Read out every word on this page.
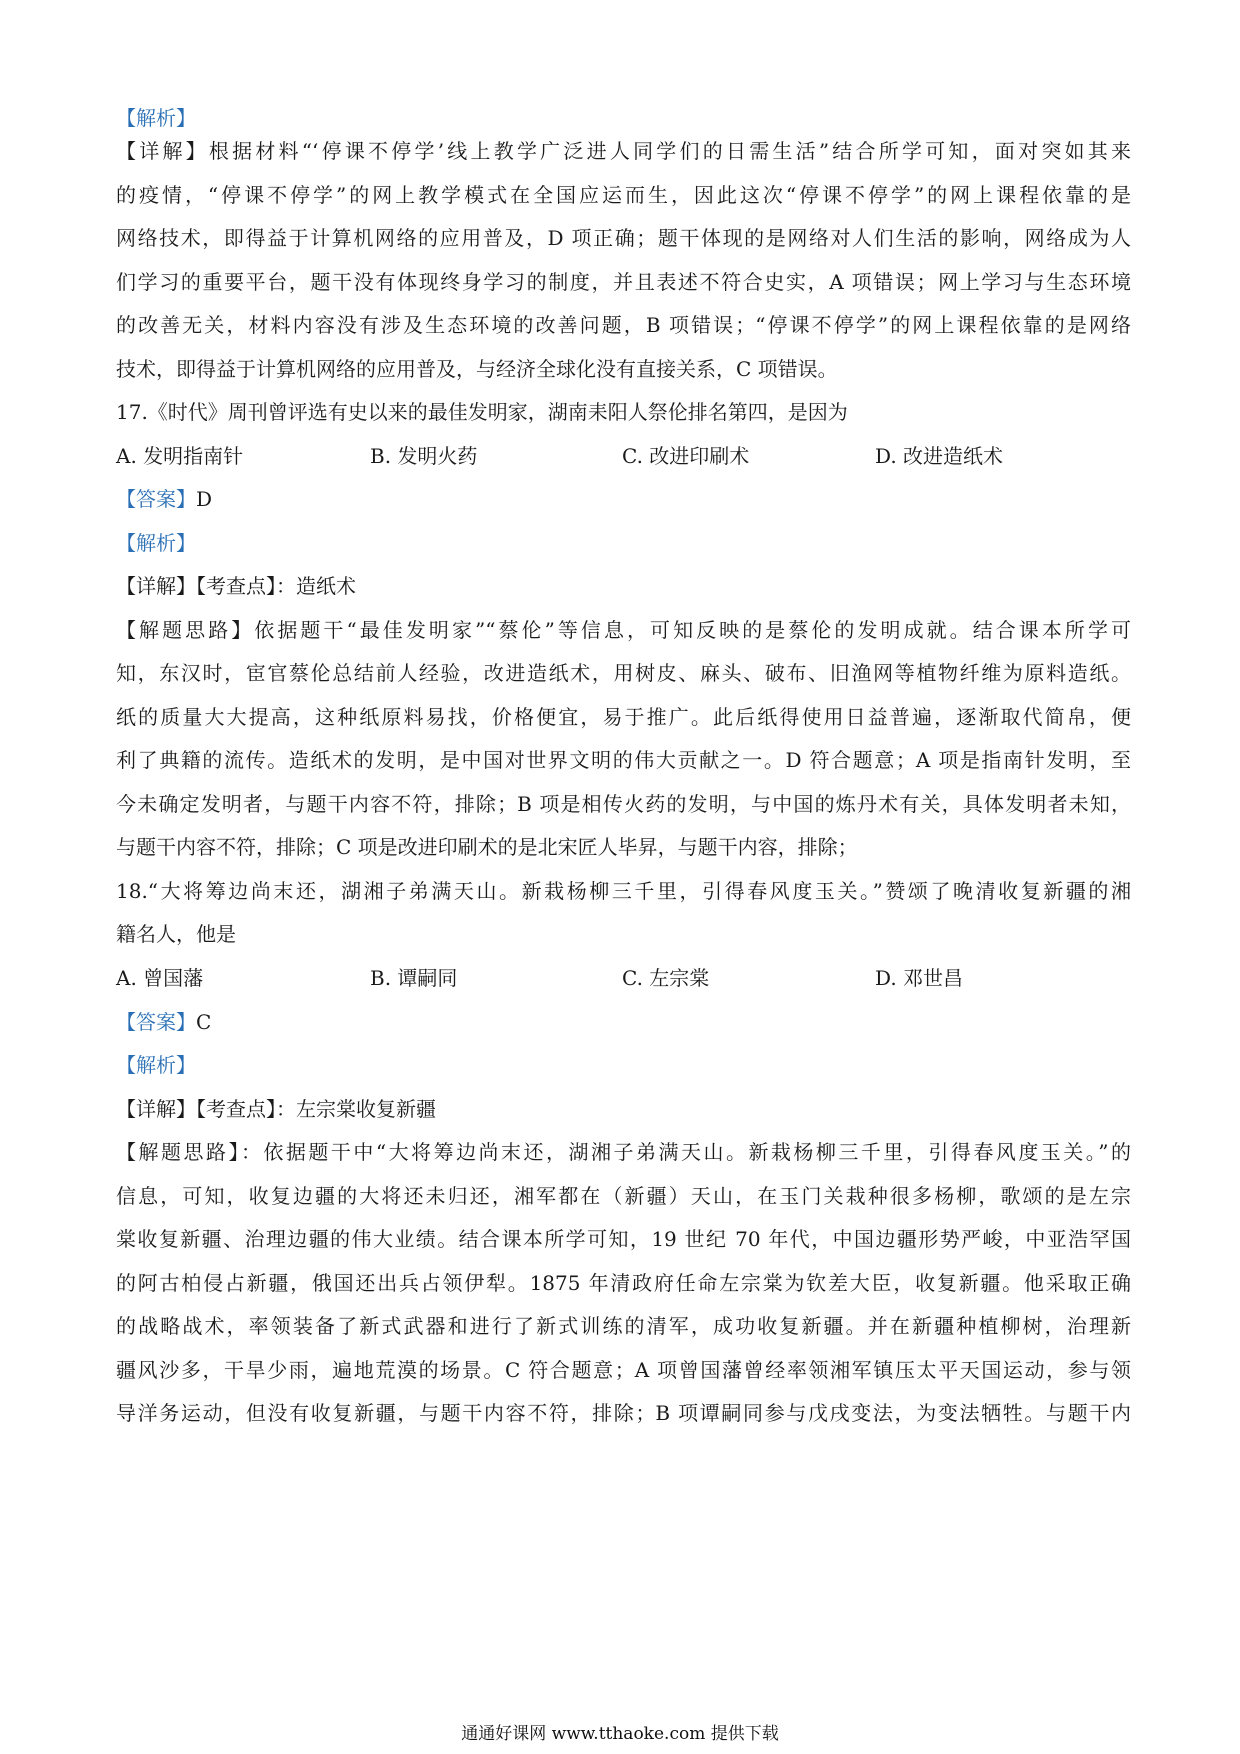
【解析】
【详解】根据材料“‘停课不停学’线上教学广泛进人同学们的日需生活”结合所学可知，面对突如其来
的疫情，“停课不停学”的网上教学模式在全国应运而生，因此这次“停课不停学”的网上课程依靠的是
网络技术，即得益于计算机网络的应用普及，D 项正确；题干体现的是网络对人们生活的影响，网络成为人
们学习的重要平台，题干没有体现终身学习的制度，并且表述不符合史实，A 项错误；网上学习与生态环境
的改善无关，材料内容没有涉及生态环境的改善问题，B 项错误；“停课不停学”的网上课程依靠的是网络
技术，即得益于计算机网络的应用普及，与经济全球化没有直接关系，C 项错误。
17.《时代》周刊曾评选有史以来的最佳发明家，湖南耒阳人祭伦排名第四，是因为
A. 发明指南针	B. 发明火药	C. 改进印刷术	D. 改进造纸术
【答案】D
【解析】
【详解】【考查点】：造纸术
【解题思路】依据题干“最佳发明家”“蔡伦”等信息，可知反映的是蔡伦的发明成就。结合课本所学可
知，东汉时，宦官蔡伦总结前人经验，改进造纸术，用树皮、麻头、破布、旧渔网等植物纤维为原料造纸。
纸的质量大大提高，这种纸原料易找，价格便宜，易于推广。此后纸得使用日益普遍，逐渐取代简帛，便
利了典籍的流传。造纸术的发明，是中国对世界文明的伟大贡献之一。D 符合题意；A 项是指南针发明，至
今未确定发明者，与题干内容不符，排除；B 项是相传火药的发明，与中国的炼丹术有关，具体发明者未知，
与题干内容不符，排除；C 项是改进印刷术的是北宋匠人毕昇，与题干内容，排除；
18.“大将筹边尚末还，湖湘子弟满天山。新栽杨柳三千里，引得春风度玉关。”赞颂了晚清收复新疆的湘
籍名人，他是
A. 曾国藩	B. 谭嗣同	C. 左宗棠	D. 邓世昌
【答案】C
【解析】
【详解】【考查点】：左宗棠收复新疆
【解题思路】：依据题干中“大将筹边尚末还，湖湘子弟满天山。新栽杨柳三千里，引得春风度玉关。”的
信息，可知，收复边疆的大将还未归还，湘军都在（新疆）天山，在玉门关栽种很多杨柳，歌颂的是左宗
棠收复新疆、治理边疆的伟大业绩。结合课本所学可知，19 世纪 70 年代，中国边疆形势严峻，中亚浩罕国
的阿古柏侵占新疆，俄国还出兵占领伊犁。1875 年清政府任命左宗棠为钦差大臣，收复新疆。他采取正确
的战略战术，率领装备了新式武器和进行了新式训练的清军，成功收复新疆。并在新疆种植柳树，治理新
疆风沙多，干旱少雨，遍地荒漠的场景。C 符合题意；A 项曾国藩曾经率领湘军镇压太平天国运动，参与领
导洋务运动，但没有收复新疆，与题干内容不符，排除；B 项谭嗣同参与戊戌变法，为变法牺牲。与题干内
通通好课网 www.tthaoke.com 提供下载
